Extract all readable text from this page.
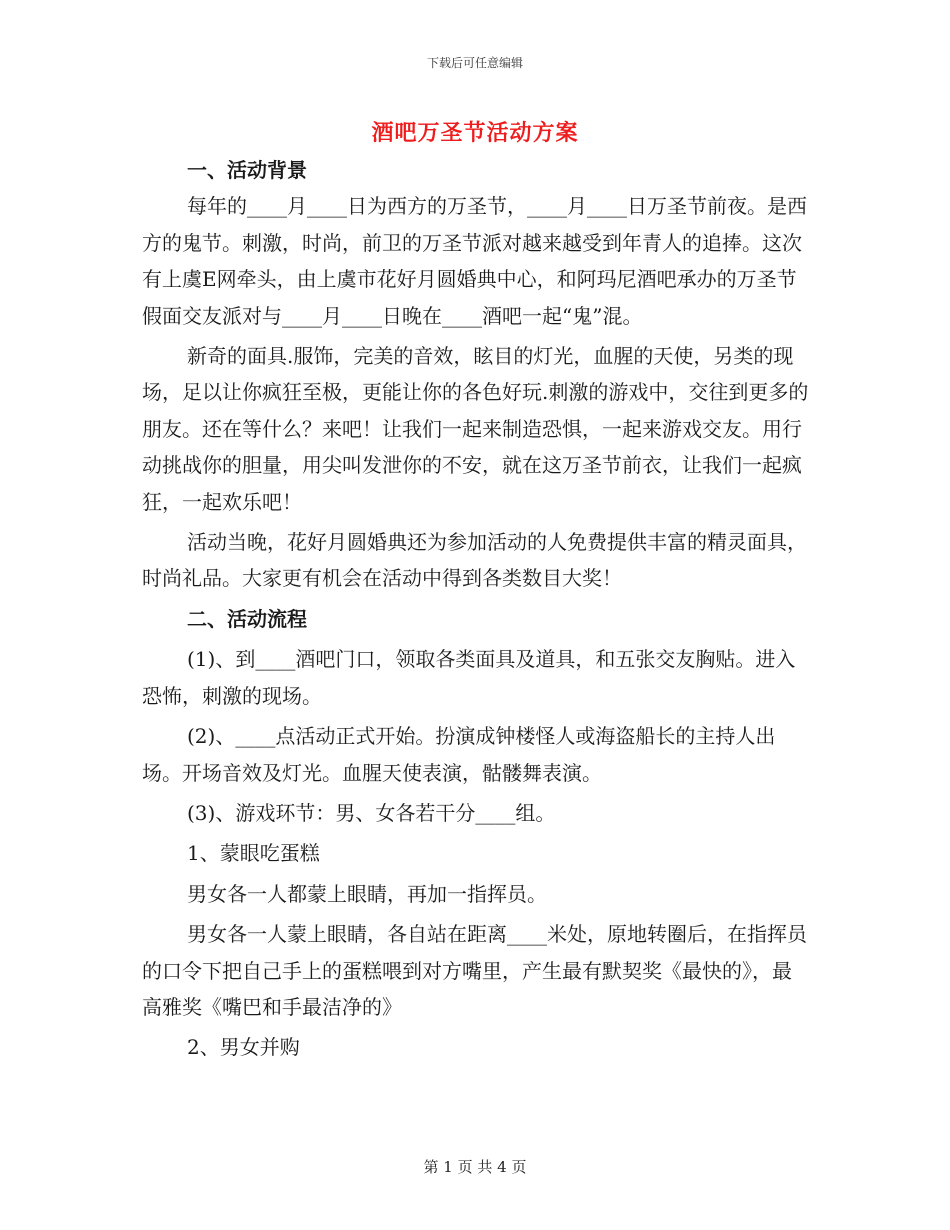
下载后可任意编辑
酒吧万圣节活动方案

一、活动背景

每年的____月____日为西方的万圣节，____月____日万圣节前夜。是西方的鬼节。刺激，时尚，前卫的万圣节派对越来越受到年青人的追捧。这次有上虞E网牵头，由上虞市花好月圆婚典中心，和阿玛尼酒吧承办的万圣节假面交友派对与____月____日晚在____酒吧一起“鬼”混。

新奇的面具.服饰，完美的音效，眩目的灯光，血腥的天使，另类的现场，足以让你疯狂至极，更能让你的各色好玩.刺激的游戏中，交往到更多的朋友。还在等什么？来吧！让我们一起来制造恐惧，一起来游戏交友。用行动挑战你的胆量，用尖叫发泄你的不安，就在这万圣节前衣，让我们一起疯狂，一起欢乐吧！

活动当晚，花好月圆婚典还为参加活动的人免费提供丰富的精灵面具，时尚礼品。大家更有机会在活动中得到各类数目大奖！

二、活动流程

(1)、到____酒吧门口，领取各类面具及道具，和五张交友胸贴。进入恐怖，刺激的现场。

(2)、____点活动正式开始。扮演成钟楼怪人或海盗船长的主持人出场。开场音效及灯光。血腥天使表演，骷髅舞表演。

(3)、游戏环节：男、女各若干分____组。

1、蒙眼吃蛋糕

男女各一人都蒙上眼睛，再加一指挥员。

男女各一人蒙上眼睛，各自站在距离____米处，原地转圈后，在指挥员的口令下把自己手上的蛋糕喂到对方嘴里，产生最有默契奖《最快的》，最高雅奖《嘴巴和手最洁净的》

2、男女并购

第 1 页 共 4 页
